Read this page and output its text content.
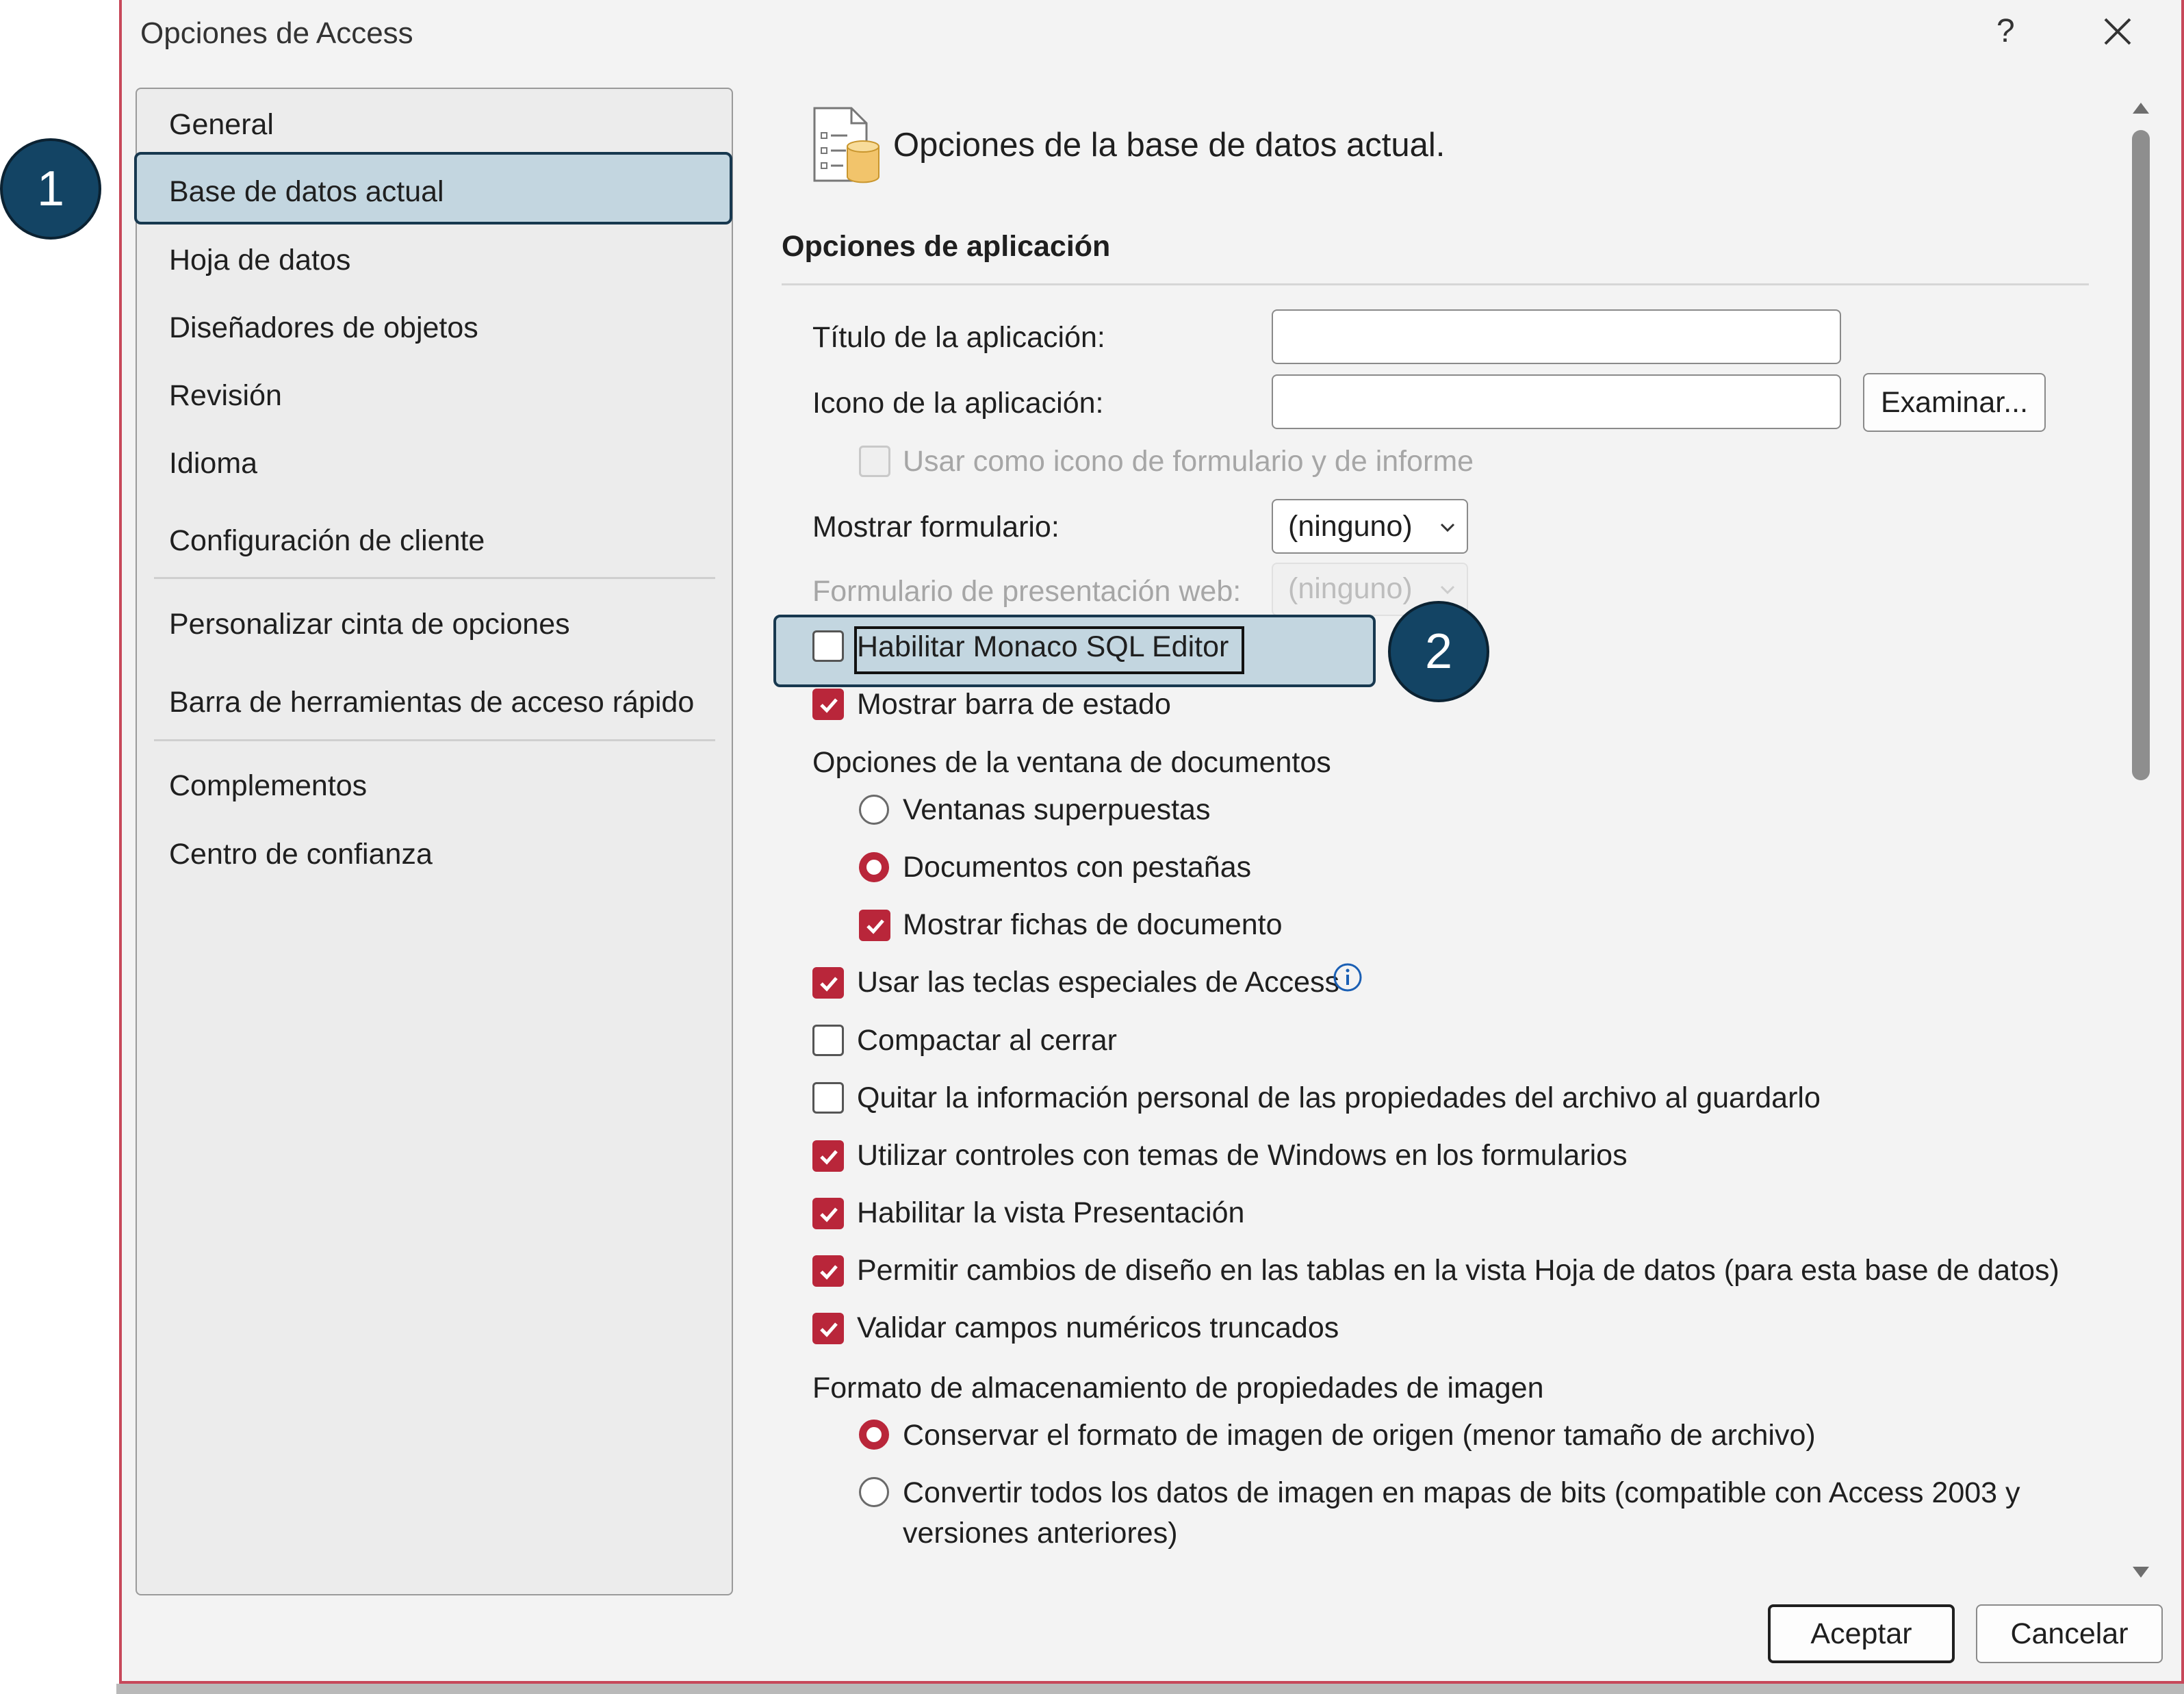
Opciones de Access	?
General
Base de datos actual
Hoja de datos
Diseñadores de objetos
Revisión
Idioma
Configuración de cliente
Personalizar cinta de opciones
Barra de herramientas de acceso rápido
Complementos
Centro de confianza
1
Opciones de la base de datos actual.
Opciones de aplicación
Título de la aplicación:
Icono de la aplicación:	Examinar...
Usar como icono de formulario y de informe
Mostrar formulario:	(ninguno)
Formulario de presentación web: (ninguno)
Habilitar Monaco SQL Editor	2
Mostrar barra de estado
Opciones de la ventana de documentos
Ventanas superpuestas
Documentos con pestañas
Mostrar fichas de documento
Usar las teclas especiales de Access
Compactar al cerrar
Quitar la información personal de las propiedades del archivo al guardarlo
Utilizar controles con temas de Windows en los formularios
Habilitar la vista Presentación
Permitir cambios de diseño en las tablas en la vista Hoja de datos (para esta base de datos)
Validar campos numéricos truncados
Formato de almacenamiento de propiedades de imagen
Conservar el formato de imagen de origen (menor tamaño de archivo)
Convertir todos los datos de imagen en mapas de bits (compatible con Access 2003 y
versiones anteriores)
Aceptar	Cancelar
